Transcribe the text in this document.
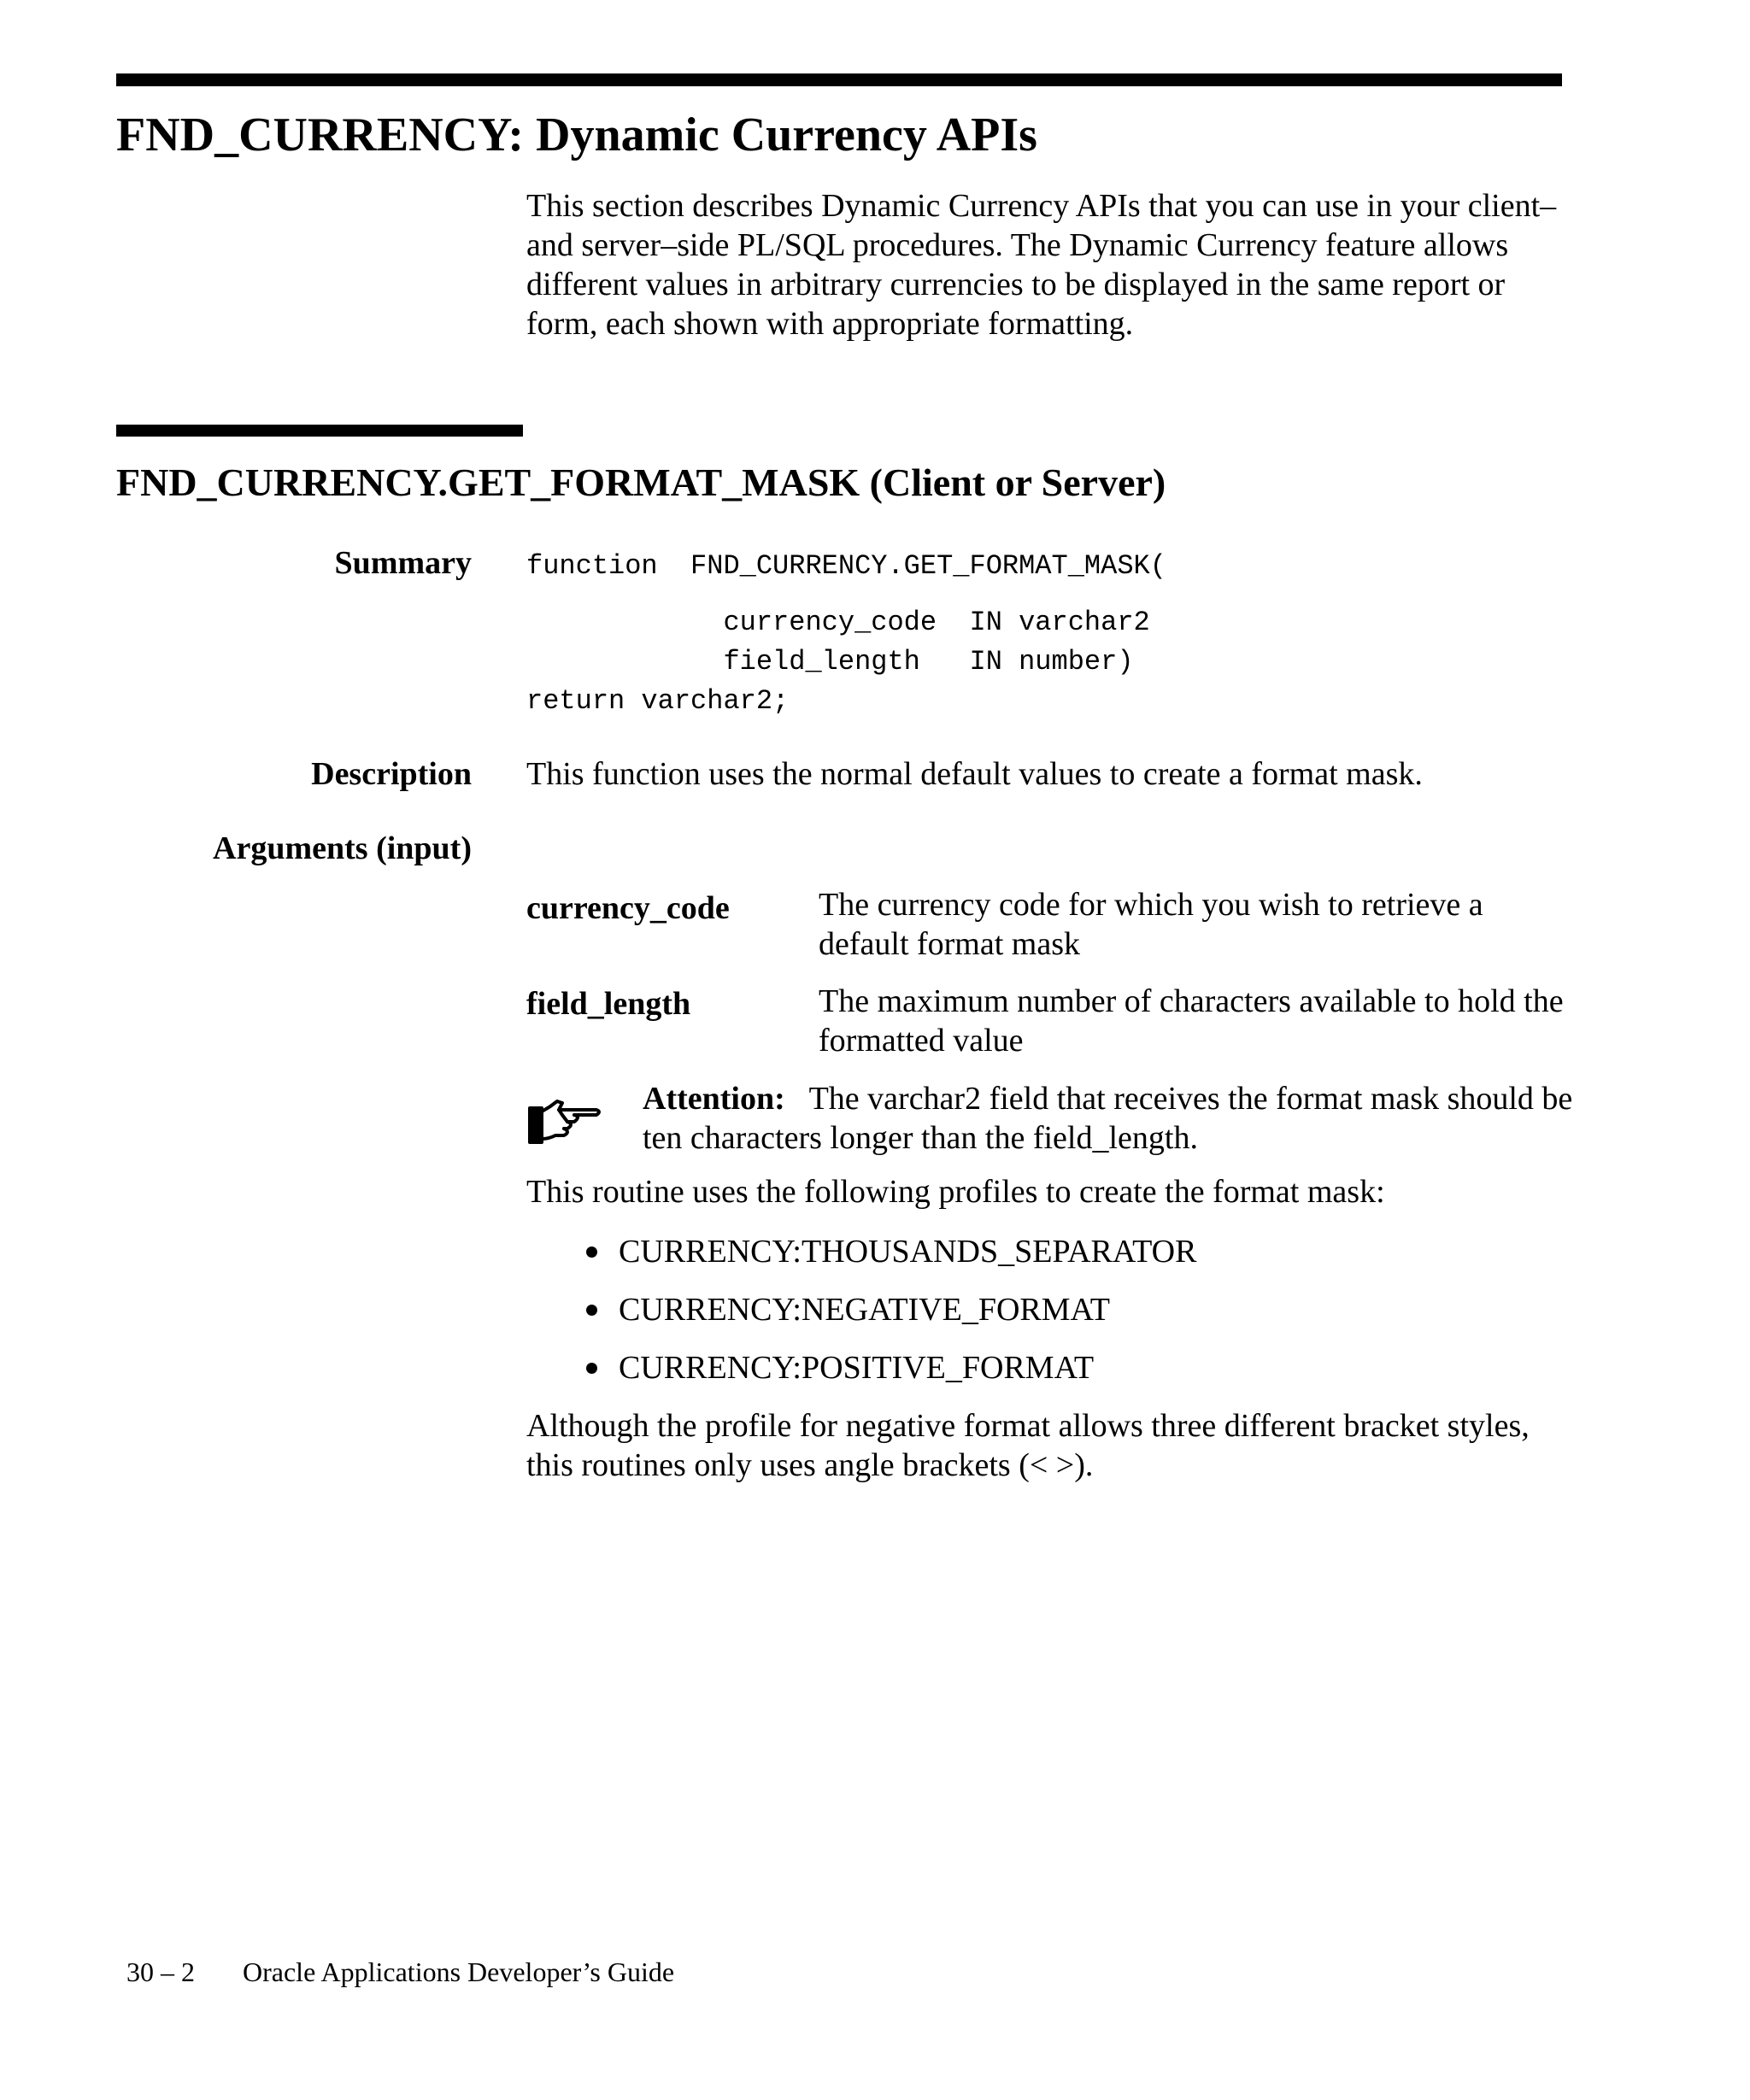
FND_CURRENCY: Dynamic Currency APIs

This section describes Dynamic Currency APIs that you can use in your client– and server–side PL/SQL procedures. The Dynamic Currency feature allows different values in arbitrary currencies to be displayed in the same report or form, each shown with appropriate formatting.

FND_CURRENCY.GET_FORMAT_MASK (Client or Server)

Summary function  FND_CURRENCY.GET_FORMAT_MASK(

currency_code  IN varchar2

field_length   IN number)

return varchar2;

Description This function uses the normal default values to create a format mask.

Arguments (input)

currency_code	The currency code for which you wish to retrieve a default format mask

field_length	The maximum number of characters available to hold the formatted value

Attention: The varchar2 field that receives the format mask should be ten characters longer than the field_length.

This routine uses the following profiles to create the format mask:

CURRENCY:THOUSANDS_SEPARATOR
CURRENCY:NEGATIVE_FORMAT
CURRENCY:POSITIVE_FORMAT

Although the profile for negative format allows three different bracket styles, this routines only uses angle brackets (< >).

30 – 2 Oracle Applications Developer’s Guide
